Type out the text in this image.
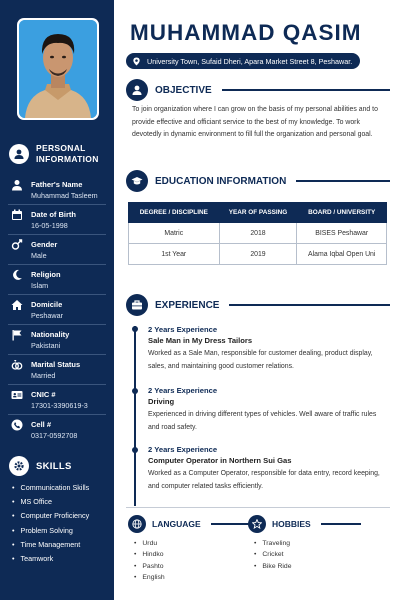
PERSONAL INFORMATION
Father's Name
Muhammad Tasleem
Date of Birth
16-05-1998
Gender
Male
Religion
Islam
Domicile
Peshawar
Nationality
Pakistani
Marital Status
Married
CNIC #
17301-3390619-3
Cell #
0317-0592708
SKILLS
• Communication Skills
• MS Office
• Computer Proficiency
• Problem Solving
• Time Management
• Teamwork
MUHAMMAD QASIM
University Town, Sufaid Dheri, Apara Market Street 8, Peshawar.
OBJECTIVE
To join organization where I can grow on the basis of my personal abilities and to provide effective and officiant service to the best of my knowledge. To work devotedly in dynamic environment to fill full the organization and personal goal.
EDUCATION INFORMATION
DEGREE / DISCIPLINE	YEAR OF PASSING	BOARD / UNIVERSITY
Matric	2018	BISES Peshawar
1st Year	2019	Alama Iqbal Open Uni
EXPERIENCE
2 Years Experience
Sale Man in My Dress Tailors
Worked as a Sale Man, responsible for customer dealing, product display, sales, and maintaining good customer relations.
2 Years Experience
Driving
Experienced in driving different types of vehicles. Well aware of traffic rules and road safety.
2 Years Experience
Computer Operator in Northern Sui Gas
Worked as a Computer Operator, responsible for data entry, record keeping, and computer related tasks efficiently.
LANGUAGE
• Urdu
• Hindko
• Pashto
• English
HOBBIES
• Traveling
• Cricket
• Bike Ride
